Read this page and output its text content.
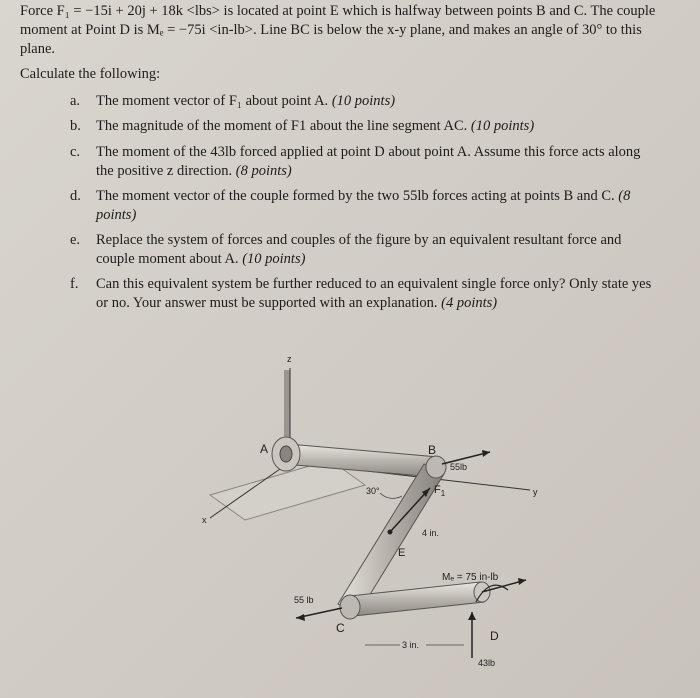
Force F₁ = −15i + 20j + 18k <lbs> is located at point E which is halfway between points B and C. The couple moment at Point D is Mₑ = −75i <in-lb>. Line BC is below the x-y plane, and makes an angle of 30° to this plane.
Calculate the following:
a.	The moment vector of F₁ about point A. (10 points)
b.	The magnitude of the moment of F1 about the line segment AC. (10 points)
c.	The moment of the 43lb forced applied at point D about point A. Assume this force acts along the positive z direction. (8 points)
d.	The moment vector of the couple formed by the two 55lb forces acting at points B and C. (8 points)
e.	Replace the system of forces and couples of the figure by an equivalent resultant force and couple moment about A. (10 points)
f.	Can this equivalent system be further reduced to an equivalent single force only? Only state yes or no. Your answer must be supported with an explanation. (4 points)
z
x
y
A	B
C
D
E
$F_1$
30°
55lb
55 lb
4 in.
Mₑ = 75 in-lb
43lb
3 in.
